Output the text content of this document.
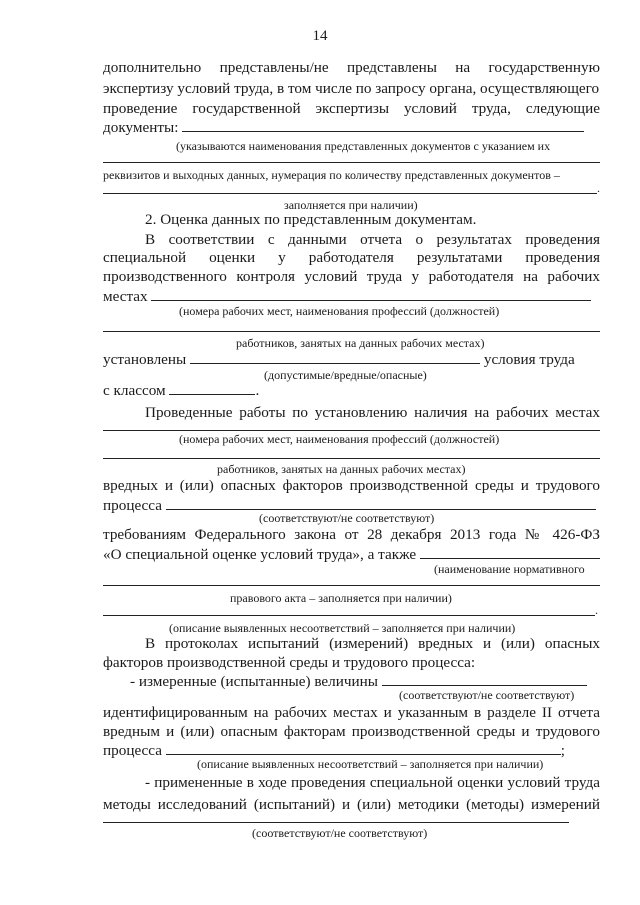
14
дополнительно представлены/не представлены на государственную
экспертизу условий труда, в том числе по запросу органа, осуществляющего
проведение государственной экспертизы условий труда, следующие
документы:
(указываются наименования представленных документов с указанием их
реквизитов и выходных данных, нумерация по количеству представленных документов –
.
заполняется при наличии)
2. Оценка данных по представленным документам.
В соответствии с данными отчета о результатах проведения
специальной оценки у работодателя результатами проведения
производственного контроля условий труда у работодателя на рабочих
местах
(номера рабочих мест, наименования профессий (должностей)
работников, занятых на данных рабочих местах)
установлены	условия труда
(допустимые/вредные/опасные)
с классом	.
Проведенные работы по установлению наличия на рабочих местах
(номера рабочих мест, наименования профессий (должностей)
работников, занятых на данных рабочих местах)
вредных и (или) опасных факторов производственной среды и трудового
процесса
(соответствуют/не соответствуют)
требованиям Федерального закона от 28 декабря 2013 года № 426-ФЗ
«О специальной оценке условий труда», а также
(наименование нормативного
правового акта – заполняется при наличии)
.
(описание выявленных несоответствий – заполняется при наличии)
В протоколах испытаний (измерений) вредных и (или) опасных
факторов производственной среды и трудового процесса:
- измеренные (испытанные) величины
(соответствуют/не соответствуют)
идентифицированным на рабочих местах и указанным в разделе II отчета
вредным и (или) опасным факторам производственной среды и трудового
процесса	;
(описание выявленных несоответствий – заполняется при наличии)
- примененные в ходе проведения специальной оценки условий труда
методы исследований (испытаний) и (или) методики (методы) измерений
(соответствуют/не соответствуют)
